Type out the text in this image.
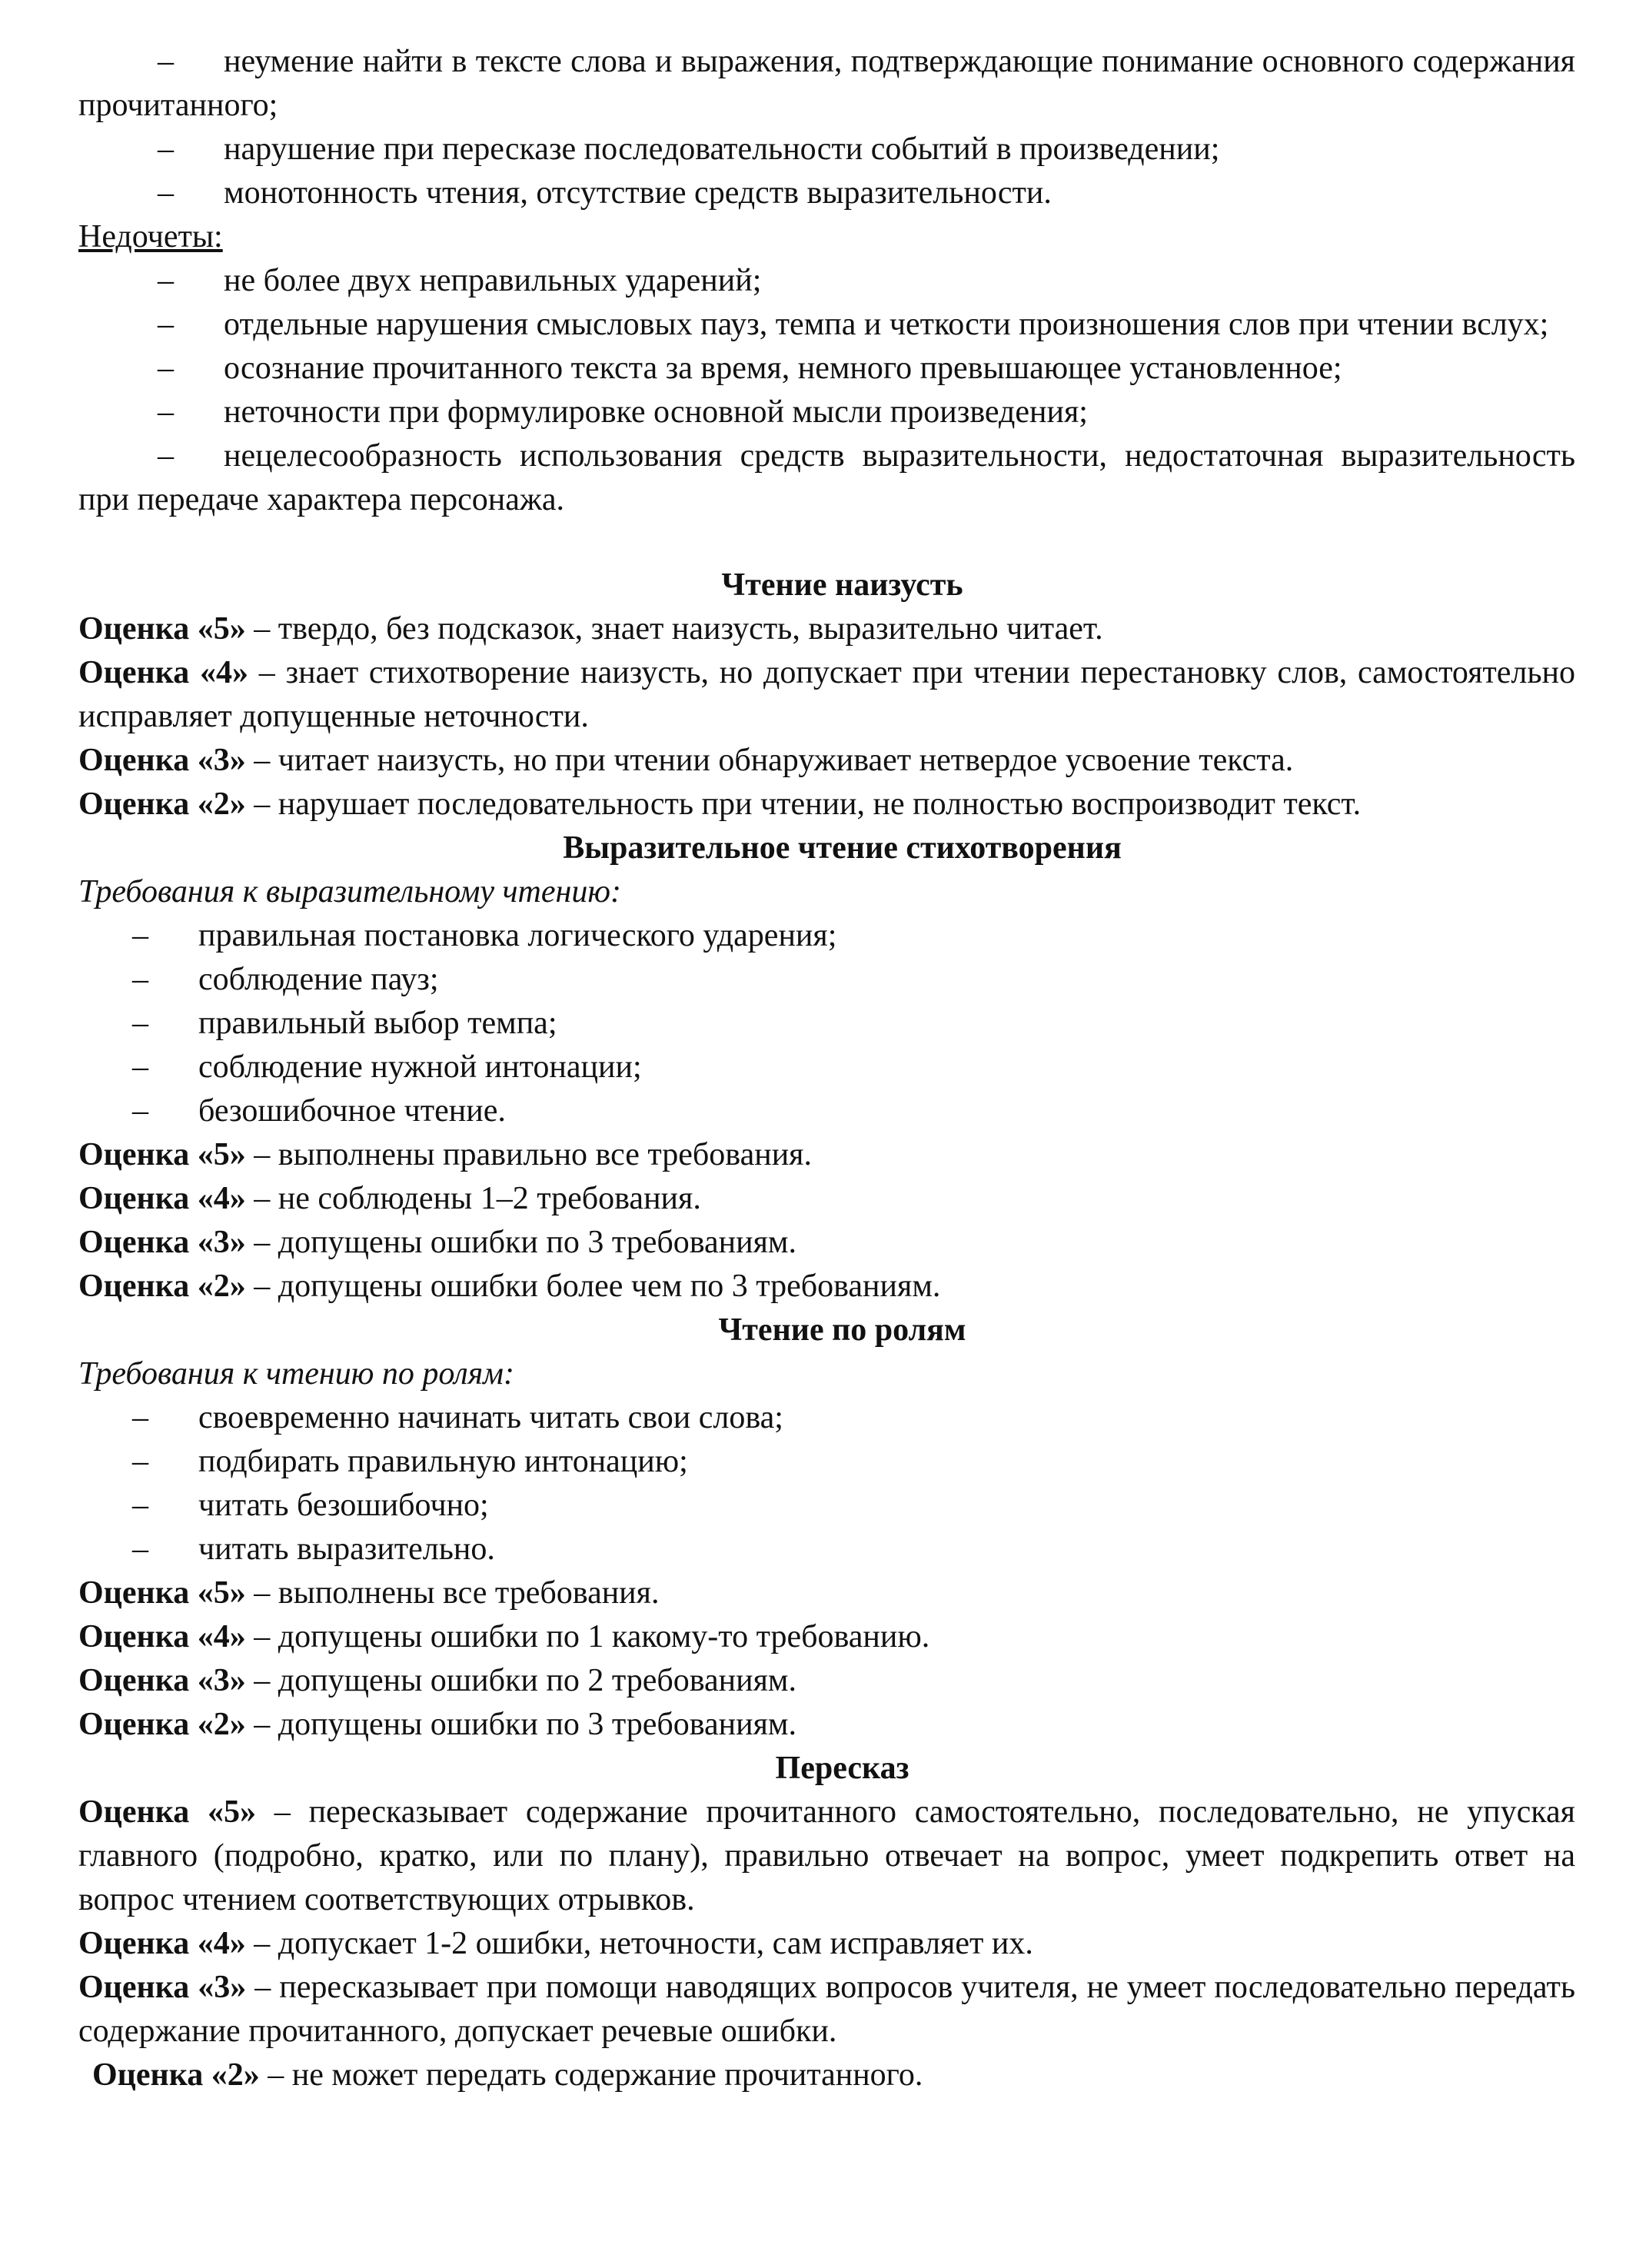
– неумение найти в тексте слова и выражения, подтверждающие понимание основного содержания прочитанного;

– нарушение при пересказе последовательности событий в произведении;

– монотонность чтения, отсутствие средств выразительности.

Недочеты:

– не более двух неправильных ударений;

– отдельные нарушения смысловых пауз, темпа и четкости произношения слов при чтении вслух;

– осознание прочитанного текста за время, немного превышающее установленное;

– неточности при формулировке основной мысли произведения;

– нецелесообразность использования средств выразительности, недостаточная выразительность при передаче характера персонажа.

Чтение наизусть

Оценка «5» – твердо, без подсказок, знает наизусть, выразительно читает.

Оценка «4» – знает стихотворение наизусть, но допускает при чтении перестановку слов, самостоятельно исправляет допущенные неточности.

Оценка «3» – читает наизусть, но при чтении обнаруживает нетвердое усвоение текста.

Оценка «2» – нарушает последовательность при чтении, не полностью воспроизводит текст.

Выразительное чтение стихотворения

Требования к выразительному чтению:

– правильная постановка логического ударения;

– соблюдение пауз;

– правильный выбор темпа;

– соблюдение нужной интонации;

– безошибочное чтение.

Оценка «5» – выполнены правильно все требования.

Оценка «4» – не соблюдены 1–2 требования.

Оценка «3» – допущены ошибки по 3 требованиям.

Оценка «2» – допущены ошибки более чем по 3 требованиям.

Чтение по ролям

Требования к чтению по ролям:

– своевременно начинать читать свои слова;

– подбирать правильную интонацию;

– читать безошибочно;

– читать выразительно.

Оценка «5» – выполнены все требования.

Оценка «4» – допущены ошибки по 1 какому-то требованию.

Оценка «3» – допущены ошибки по 2 требованиям.

Оценка «2» – допущены ошибки по 3 требованиям.

Пересказ

Оценка «5» – пересказывает содержание прочитанного самостоятельно, последовательно, не упуская главного (подробно, кратко, или по плану), правильно отвечает на вопрос, умеет подкрепить ответ на вопрос чтением соответствующих отрывков.

Оценка «4» – допускает 1-2 ошибки, неточности, сам исправляет их.

Оценка «3» – пересказывает при помощи наводящих вопросов учителя, не умеет последовательно передать содержание прочитанного, допускает речевые ошибки.

Оценка «2» – не может передать содержание прочитанного.
